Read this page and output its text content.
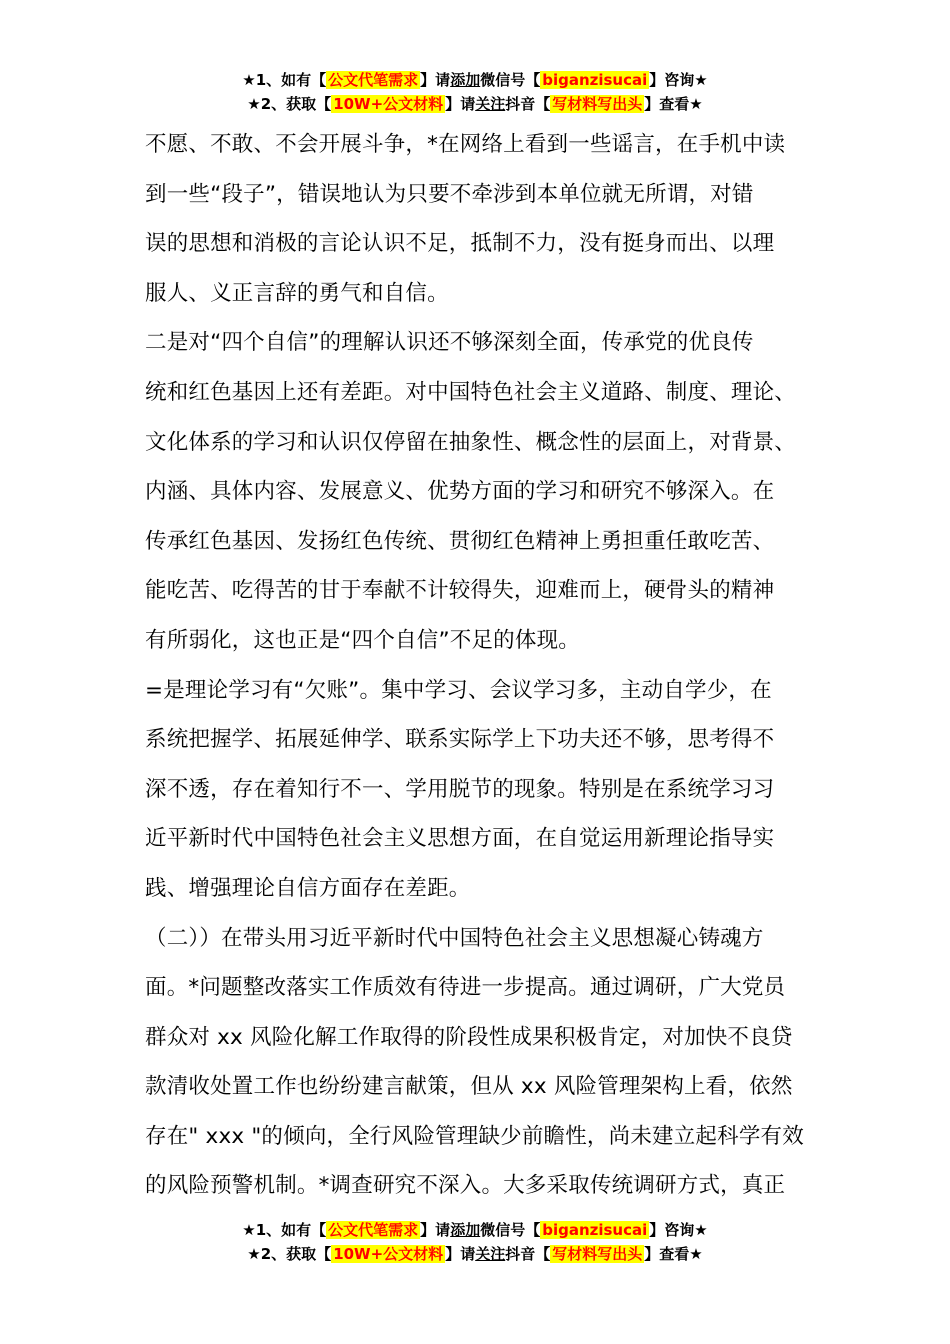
★1、如有【 公文代笔需求 】请添加微信号【 biganzisucai 】咨询★
★2、获取【 10W+公文材料 】请关注抖音【 写材料写出头 】查看★
不愿、不敢、不会开展斗争，*在网络上看到一些谣言，在手机中读
到一些“段子”，错误地认为只要不牵涉到本单位就无所谓，对错
误的思想和消极的言论认识不足，抵制不力，没有挺身而出、以理
服人、义正言辞的勇气和自信。
二是对“四个自信”的理解认识还不够深刻全面，传承党的优良传
统和红色基因上还有差距。对中国特色社会主义道路、制度、理论、
文化体系的学习和认识仅停留在抽象性、概念性的层面上，对背景、
内涵、具体内容、发展意义、优势方面的学习和研究不够深入。在
传承红色基因、发扬红色传统、贯彻红色精神上勇担重任敢吃苦、
能吃苦、吃得苦的甘于奉献不计较得失，迎难而上，硬骨头的精神
有所弱化，这也正是“四个自信”不足的体现。
=是理论学习有“欠账”。集中学习、会议学习多，主动自学少，在
系统把握学、拓展延伸学、联系实际学上下功夫还不够，思考得不
深不透，存在着知行不一、学用脱节的现象。特别是在系统学习习
近平新时代中国特色社会主义思想方面，在自觉运用新理论指导实
践、增强理论自信方面存在差距。
（二））在带头用习近平新时代中国特色社会主义思想凝心铸魂方
面。*问题整改落实工作质效有待进一步提高。通过调研，广大党员
群众对 xx 风险化解工作取得的阶段性成果积极肯定，对加快不良贷
款清收处置工作也纷纷建言献策，但从 xx 风险管理架构上看，依然
存在" xxx "的倾向，全行风险管理缺少前瞻性，尚未建立起科学有效
的风险预警机制。*调查研究不深入。大多采取传统调研方式，真正
★1、如有【 公文代笔需求 】请添加微信号【 biganzisucai 】咨询★
★2、获取【 10W+公文材料 】请关注抖音【 写材料写出头 】查看★
